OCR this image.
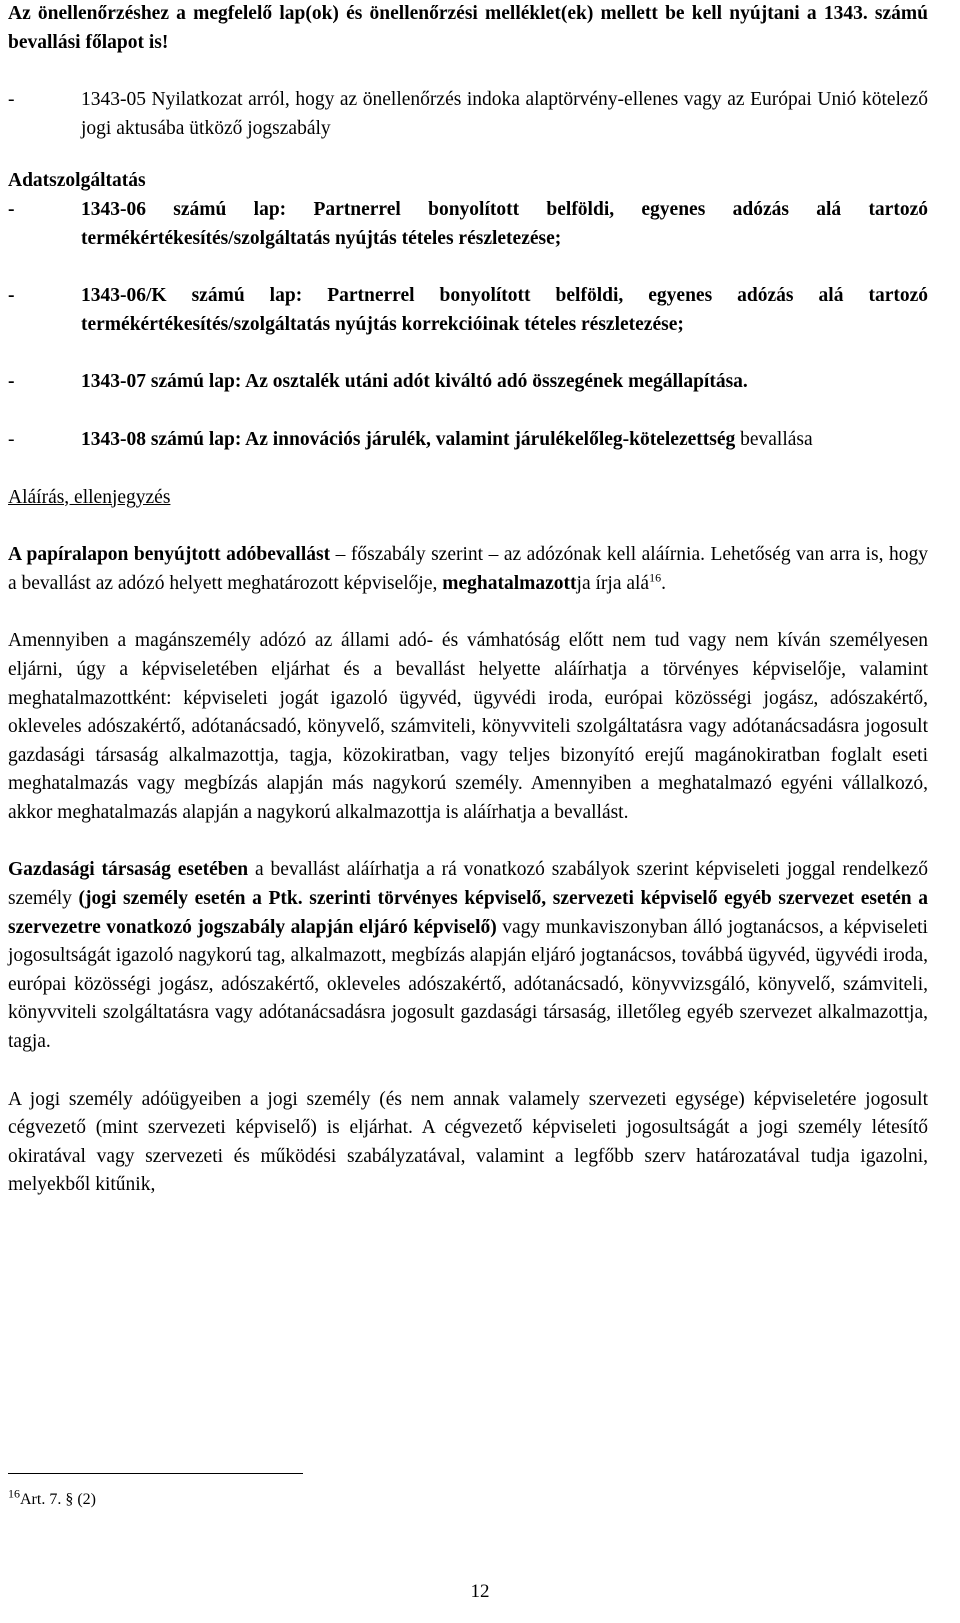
Az önellenőrzéshez a megfelelő lap(ok) és önellenőrzési melléklet(ek) mellett be kell nyújtani a 1343. számú bevallási főlapot is!

-	1343-05 Nyilatkozat arról, hogy az önellenőrzés indoka alaptörvény-ellenes vagy az Európai Unió kötelező jogi aktusába ütköző jogszabály

Adatszolgáltatás

-	1343-06 számú lap: Partnerrel bonyolított belföldi, egyenes adózás alá tartozó termékértékesítés/szolgáltatás nyújtás tételes részletezése;

-	1343-06/K számú lap: Partnerrel bonyolított belföldi, egyenes adózás alá tartozó termékértékesítés/szolgáltatás nyújtás korrekcióinak tételes részletezése;

-	1343-07 számú lap: Az osztalék utáni adót kiváltó adó összegének megállapítása.

-	1343-08 számú lap: Az innovációs járulék, valamint járulékelőleg-kötelezettség bevallása

Aláírás, ellenjegyzés

A papíralapon benyújtott adóbevallást – főszabály szerint – az adózónak kell aláírnia. Lehetőség van arra is, hogy a bevallást az adózó helyett meghatározott képviselője, meghatalmazottja írja alá$^{16}$.

Amennyiben a magánszemély adózó az állami adó- és vámhatóság előtt nem tud vagy nem kíván személyesen eljárni, úgy a képviseletében eljárhat és a bevallást helyette aláírhatja a törvényes képviselője, valamint meghatalmazottként: képviseleti jogát igazoló ügyvéd, ügyvédi iroda, európai közösségi jogász, adószakértő, okleveles adószakértő, adótanácsadó, könyvelő, számviteli, könyvviteli szolgáltatásra vagy adótanácsadásra jogosult gazdasági társaság alkalmazottja, tagja, közokiratban, vagy teljes bizonyító erejű magánokiratban foglalt eseti meghatalmazás vagy megbízás alapján más nagykorú személy. Amennyiben a meghatalmazó egyéni vállalkozó, akkor meghatalmazás alapján a nagykorú alkalmazottja is aláírhatja a bevallást.

Gazdasági társaság esetében a bevallást aláírhatja a rá vonatkozó szabályok szerint képviseleti joggal rendelkező személy (jogi személy esetén a Ptk. szerinti törvényes képviselő, szervezeti képviselő egyéb szervezet esetén a szervezetre vonatkozó jogszabály alapján eljáró képviselő) vagy munkaviszonyban álló jogtanácsos, a képviseleti jogosultságát igazoló nagykorú tag, alkalmazott, megbízás alapján eljáró jogtanácsos, továbbá ügyvéd, ügyvédi iroda, európai közösségi jogász, adószakértő, okleveles adószakértő, adótanácsadó, könyvvizsgáló, könyvelő, számviteli, könyvviteli szolgáltatásra vagy adótanácsadásra jogosult gazdasági társaság, illetőleg egyéb szervezet alkalmazottja, tagja.

A jogi személy adóügyeiben a jogi személy (és nem annak valamely szervezeti egysége) képviseletére jogosult cégvezető (mint szervezeti képviselő) is eljárhat. A cégvezető képviseleti jogosultságát a jogi személy létesítő okiratával vagy szervezeti és működési szabályzatával, valamint a legfőbb szerv határozatával tudja igazolni, melyekből kitűnik,

$^{16}$Art. 7. § (2)
12
